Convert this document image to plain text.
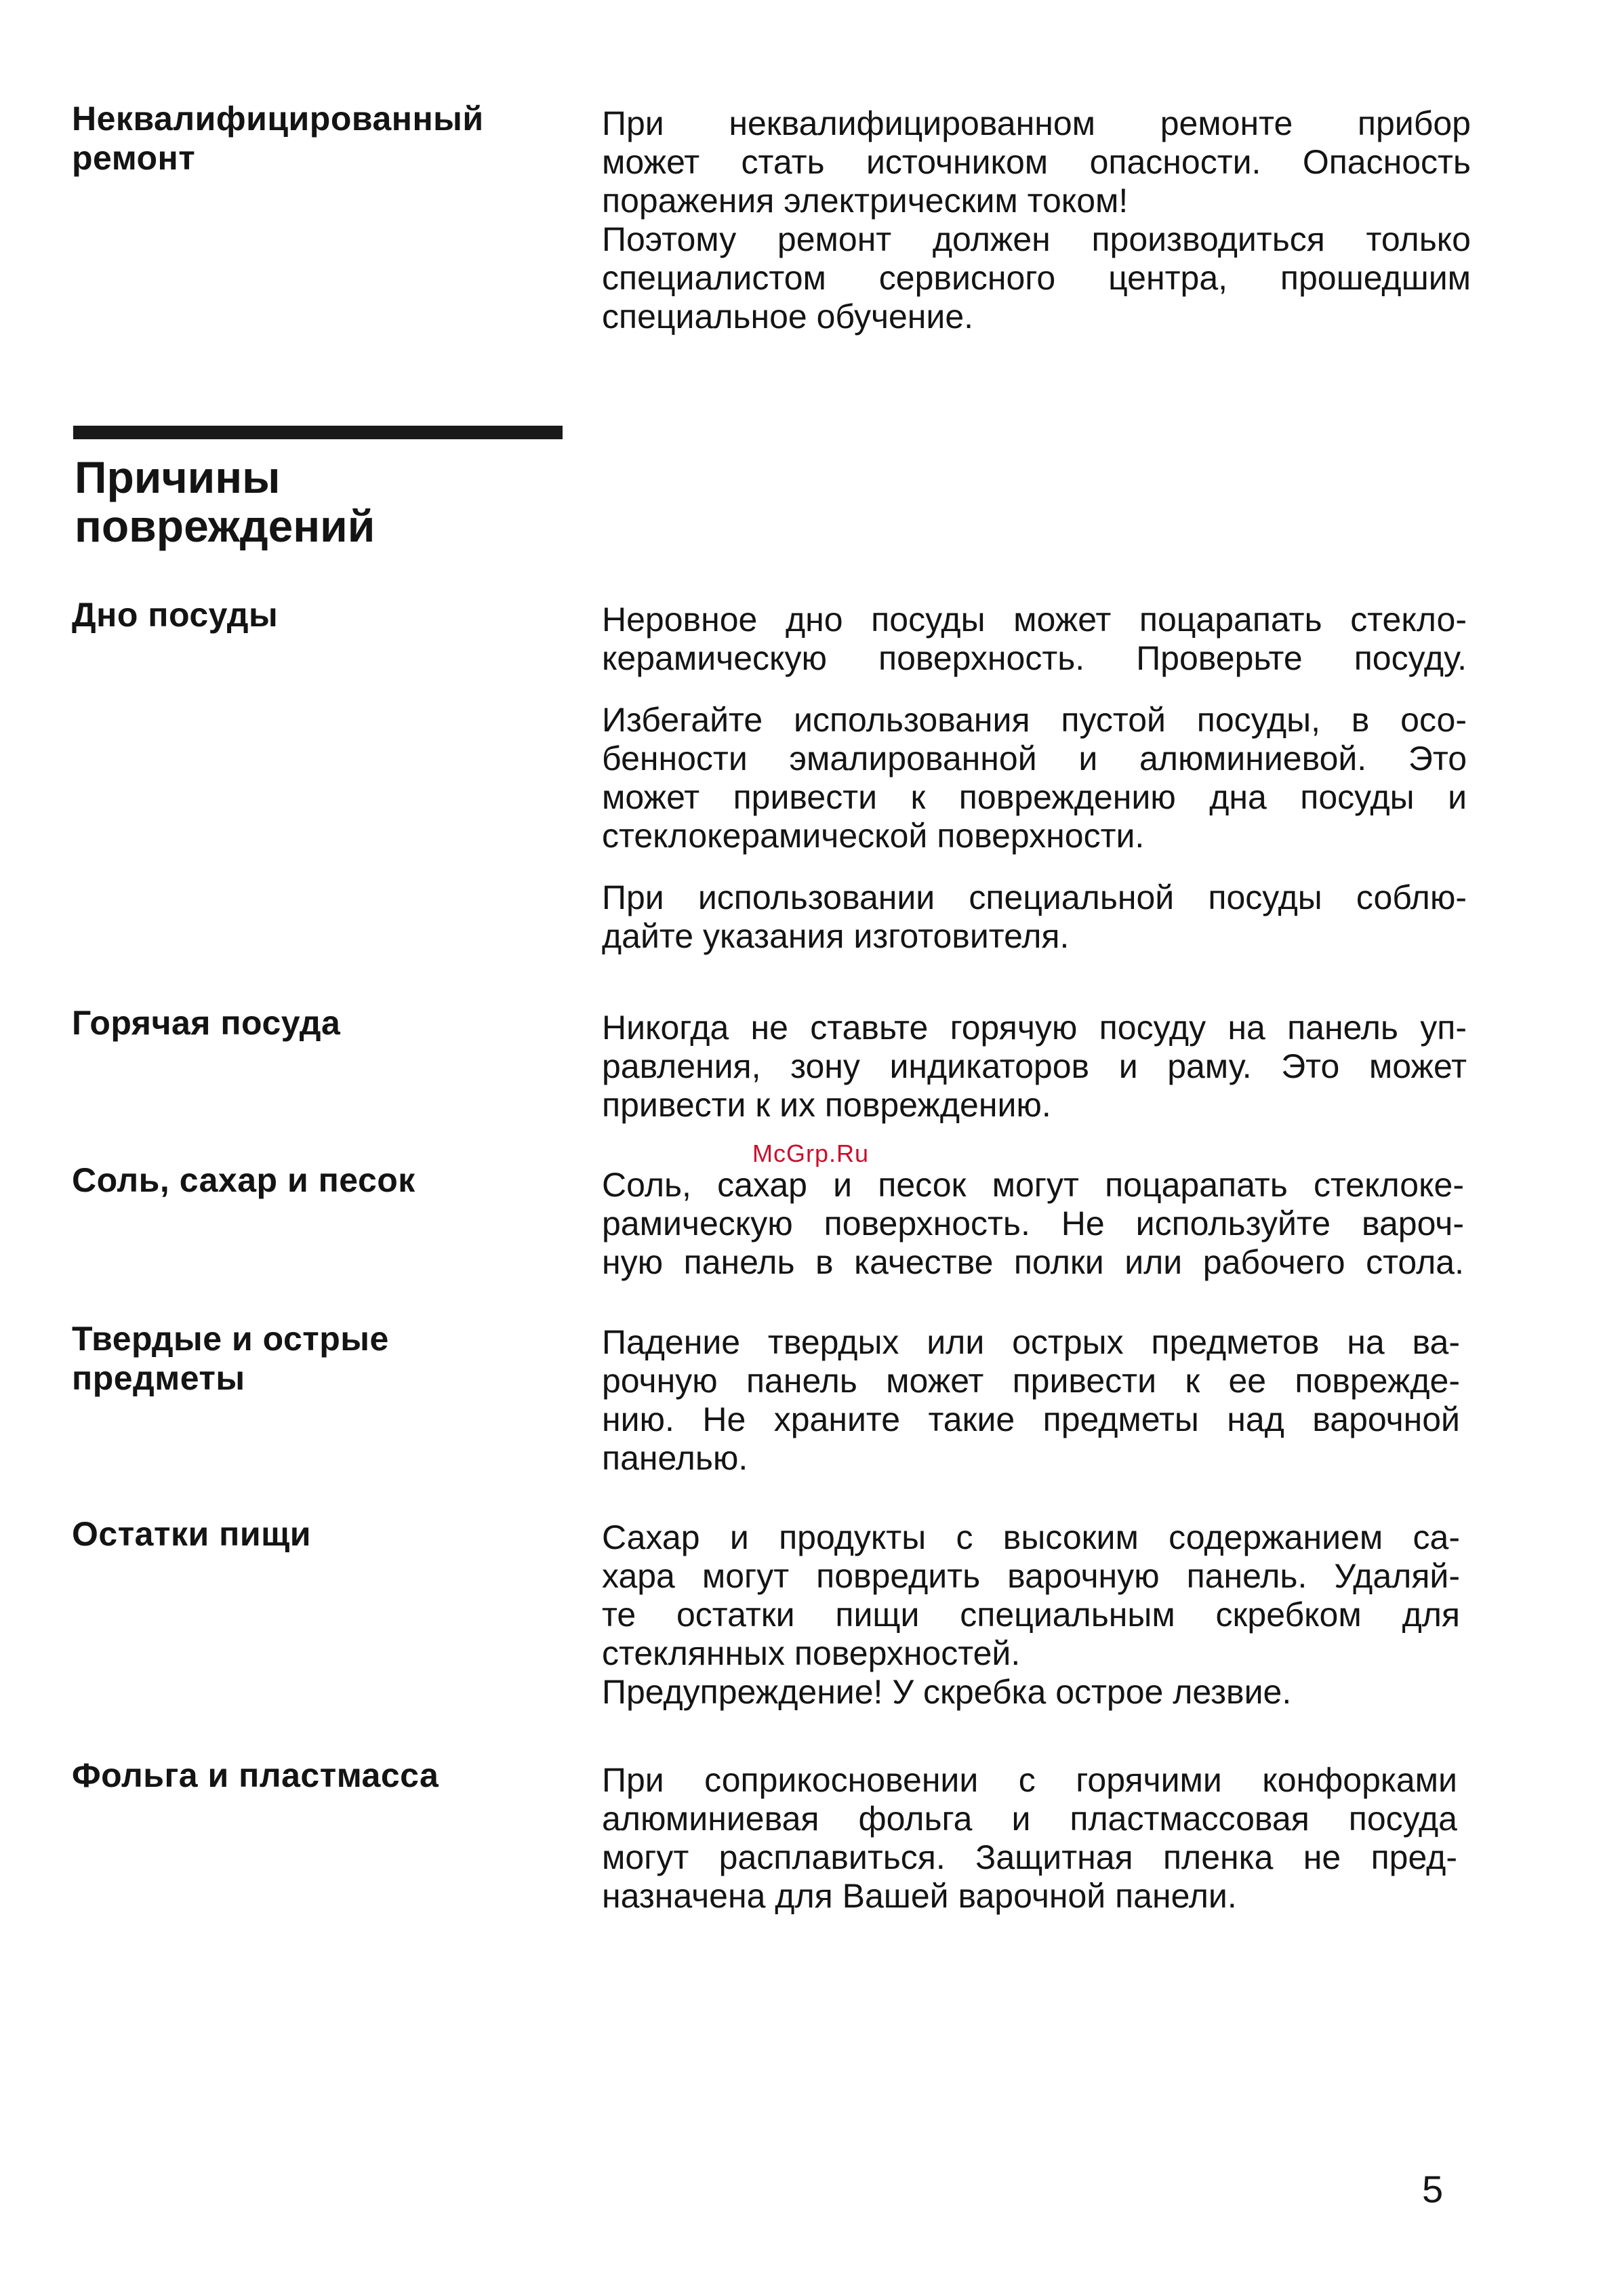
Неквалифицированный
ремонт

При неквалифицированном ремонте прибор
может стать источником опасности. Опасность
поражения электрическим током!
Поэтому ремонт должен производиться только
специалистом сервисного центра, прошедшим
специальное обучение.

Причины
повреждений
Дно посуды	Неровное дно посуды может поцарапать стекло-
керамическую поверхность. Проверьте посуду.

Избегайте использования пустой посуды, в осо-
бенности эмалированной и алюминиевой. Это
может привести к повреждению дна посуды и
стеклокерамической поверхности.

При использовании специальной посуды соблю-
дайте указания изготовителя.

Горячая посуда	Никогда не ставьте горячую посуду на панель уп-
равления, зону индикаторов и раму. Это может
привести к их повреждению.

McGrp.Ru
Соль, сахар и песок	Соль, сахар и песок могут поцарапать стеклоке-
рамическую поверхность. Не используйте вароч-
ную панель в качестве полки или рабочего стола.

Твердые и острые
предметы

Падение твердых или острых предметов на ва-
рочную панель может привести к ее поврежде-
нию. Не храните такие предметы над варочной
панелью.

Остатки пищи	Сахар и продукты с высоким содержанием са-
хара могут повредить варочную панель. Удаляй-
те остатки пищи специальным скребком для
стеклянных поверхностей.
Предупреждение! У скребка острое лезвие.

Фольга и пластмасса	При соприкосновении с горячими конфорками
алюминиевая фольга и пластмассовая посуда
могут расплавиться. Защитная пленка не пред-
назначена для Вашей варочной панели.

5
